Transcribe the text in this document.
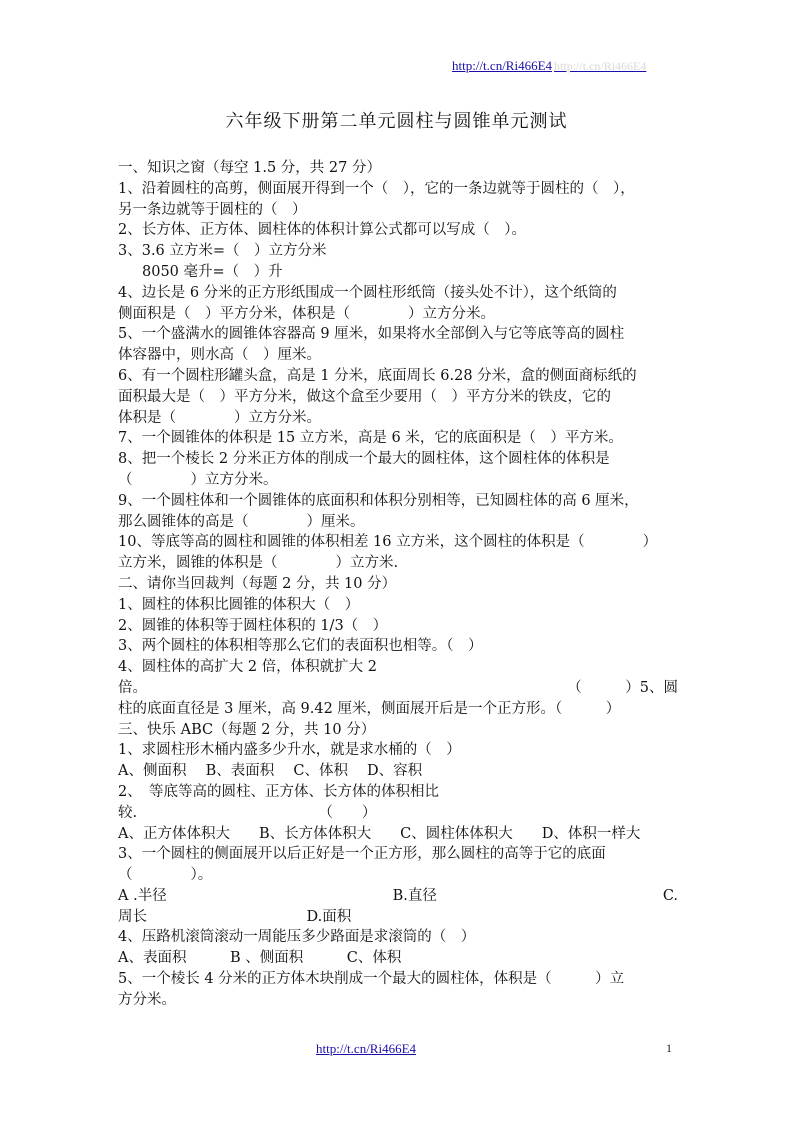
http://t.cn/Ri466E4 http://t.cn/Ri466E4
六年级下册第二单元圆柱与圆锥单元测试
一、知识之窗（每空 1.5 分，共 27 分）
1、沿着圆柱的高剪，侧面展开得到一个（　），它的一条边就等于圆柱的（　），
另一条边就等于圆柱的（　）
2、长方体、正方体、圆柱体的体积计算公式都可以写成（　）。
3、3.6 立方米=（　）立方分米
8050 毫升=（　）升
4、边长是 6 分米的正方形纸围成一个圆柱形纸筒（接头处不计），这个纸筒的
侧面积是（　）平方分米，体积是（　　　　）立方分米。
5、一个盛满水的圆锥体容器高 9 厘米，如果将水全部倒入与它等底等高的圆柱
体容器中，则水高（　）厘米。
6、有一个圆柱形罐头盒，高是 1 分米，底面周长 6.28 分米，盒的侧面商标纸的
面积最大是（　）平方分米，做这个盒至少要用（　）平方分米的铁皮，它的
体积是（　　　　）立方分米。
7、一个圆锥体的体积是 15 立方米，高是 6 米，它的底面积是（　）平方米。
8、把一个棱长 2 分米正方体的削成一个最大的圆柱体，这个圆柱体的体积是
（　　　　）立方分米。
9、一个圆柱体和一个圆锥体的底面积和体积分别相等，已知圆柱体的高 6 厘米，
那么圆锥体的高是（　　　　）厘米。
10、等底等高的圆柱和圆锥的体积相差 16 立方米，这个圆柱的体积是（　　　　）
立方米，圆锥的体积是（　　　　）立方米.
二、请你当回裁判（每题 2 分，共 10 分）
1、圆柱的体积比圆锥的体积大（　）
2、圆锥的体积等于圆柱体积的 1/3（　）
3、两个圆柱的体积相等那么它们的表面积也相等。（　）
4、圆柱体的高扩大 2 倍，体积就扩大 2
倍。	（　　　）5、圆
柱的底面直径是 3 厘米，高 9.42 厘米，侧面展开后是一个正方形。（　　　）
三、快乐 ABC（每题 2 分，共 10 分）
1、求圆柱形木桶内盛多少升水，就是求水桶的（　）
A、侧面积　 B、表面积　 C、体积　 D、容积
2、　等底等高的圆柱、正方体、长方体的体积相比
较.　　　　　　　　　　　　　（　　）
A、正方体体积大　　B、长方体体积大　　C、圆柱体体积大　　D、体积一样大
3、一个圆柱的侧面展开以后正好是一个正方形，那么圆柱的高等于它的底面
（　　　　）。
A .半径	B.直径	C.
周长　　　　　　　　　　　D.面积
4、压路机滚筒滚动一周能压多少路面是求滚筒的（　）
A、表面积　　　B 、侧面积　　　C、体积
5、一个棱长 4 分米的正方体木块削成一个最大的圆柱体，体积是（　　　）立
方分米。
http://t.cn/Ri466E4	1
